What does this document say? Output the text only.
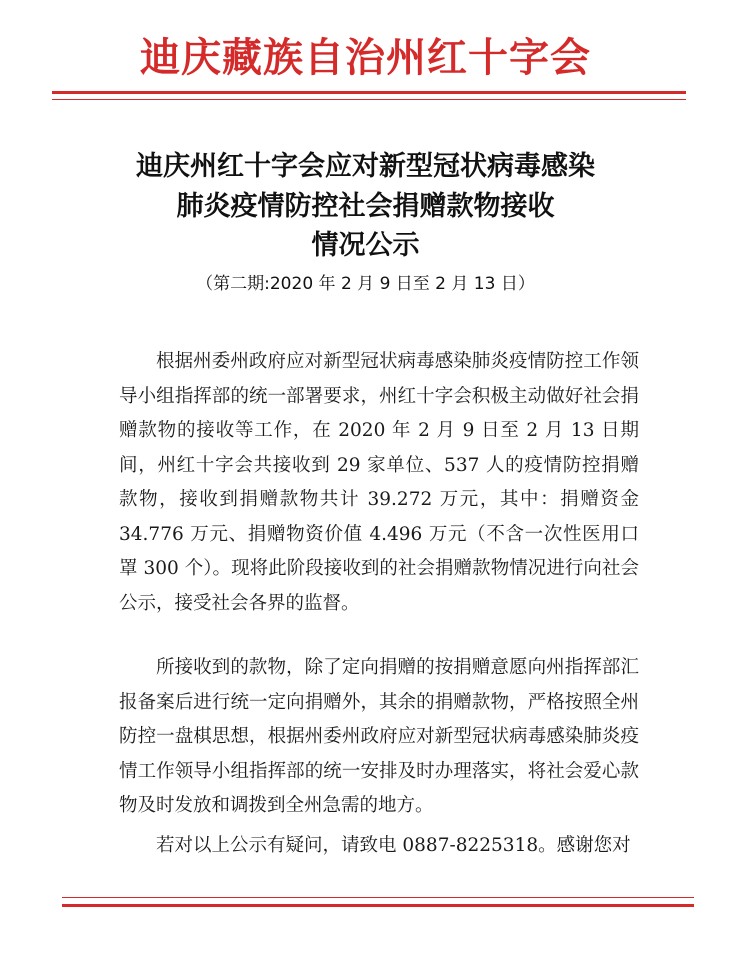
迪庆藏族自治州红十字会
迪庆州红十字会应对新型冠状病毒感染
肺炎疫情防控社会捐赠款物接收
情况公示
（第二期:2020 年 2 月 9 日至 2 月 13 日）

根据州委州政府应对新型冠状病毒感染肺炎疫情防控工作领导小组指挥部的统一部署要求，州红十字会积极主动做好社会捐赠款物的接收等工作，在 2020 年 2 月 9 日至 2 月 13 日期间，州红十字会共接收到 29 家单位、537 人的疫情防控捐赠款物，接收到捐赠款物共计 39.272 万元，其中：捐赠资金 34.776 万元、捐赠物资价值 4.496 万元（不含一次性医用口罩 300 个）。现将此阶段接收到的社会捐赠款物情况进行向社会公示，接受社会各界的监督。

所接收到的款物，除了定向捐赠的按捐赠意愿向州指挥部汇报备案后进行统一定向捐赠外，其余的捐赠款物，严格按照全州防控一盘棋思想，根据州委州政府应对新型冠状病毒感染肺炎疫情工作领导小组指挥部的统一安排及时办理落实，将社会爱心款物及时发放和调拨到全州急需的地方。

若对以上公示有疑问，请致电 0887-8225318。感谢您对
